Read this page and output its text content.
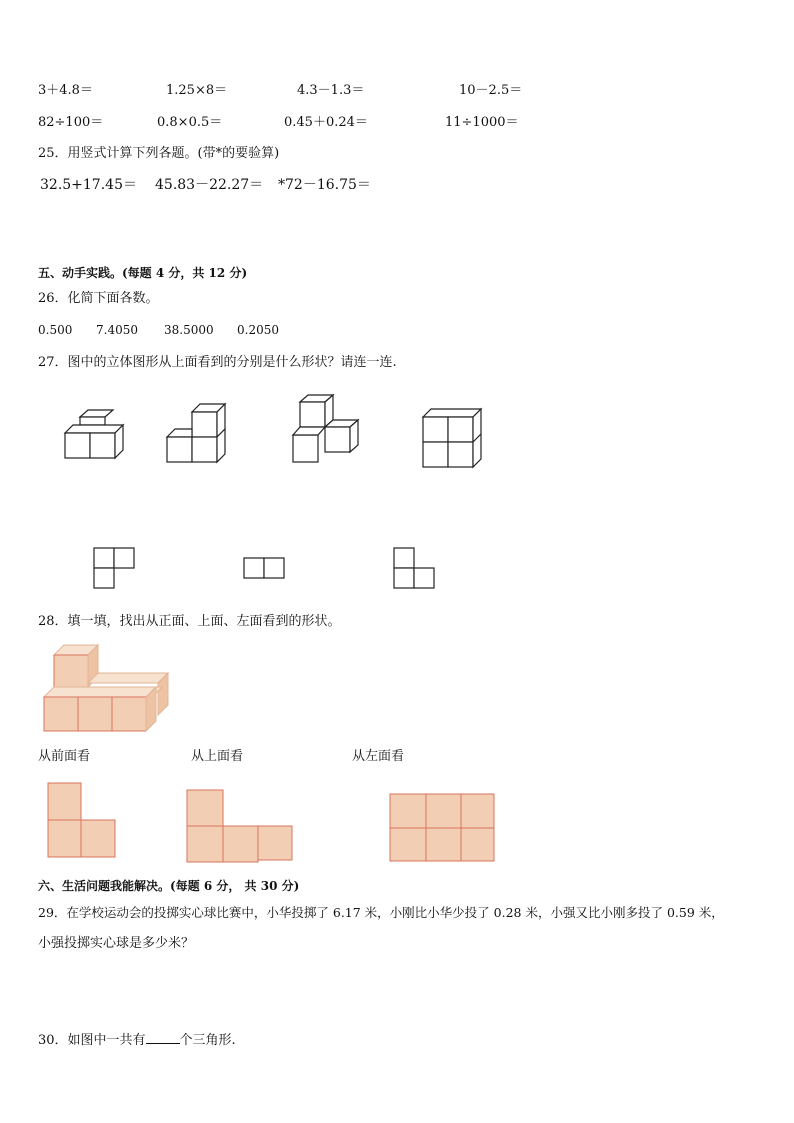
3＋4.8＝	1.25×8＝	4.3－1.3＝	10－2.5＝
82÷100＝	0.8×0.5＝	0.45＋0.24＝	11÷1000＝
25．用竖式计算下列各题。(带*的要验算)
32.5+17.45＝ 45.83－22.27＝ *72－16.75＝
五、动手实践。(每题 4 分，共 12 分)
26．化简下面各数。
0.500 7.4050 38.5000 0.2050
27．图中的立体图形从上面看到的分别是什么形状？请连一连.
28．填一填，找出从正面、上面、左面看到的形状。
从前面看	从上面看	从左面看
六、生活问题我能解决。(每题 6 分， 共 30 分)
29．在学校运动会的投掷实心球比赛中，小华投掷了 6.17 米，小刚比小华少投了 0.28 米，小强又比小刚多投了 0.59 米，
小强投掷实心球是多少米？
30．如图中一共有	个三角形.
